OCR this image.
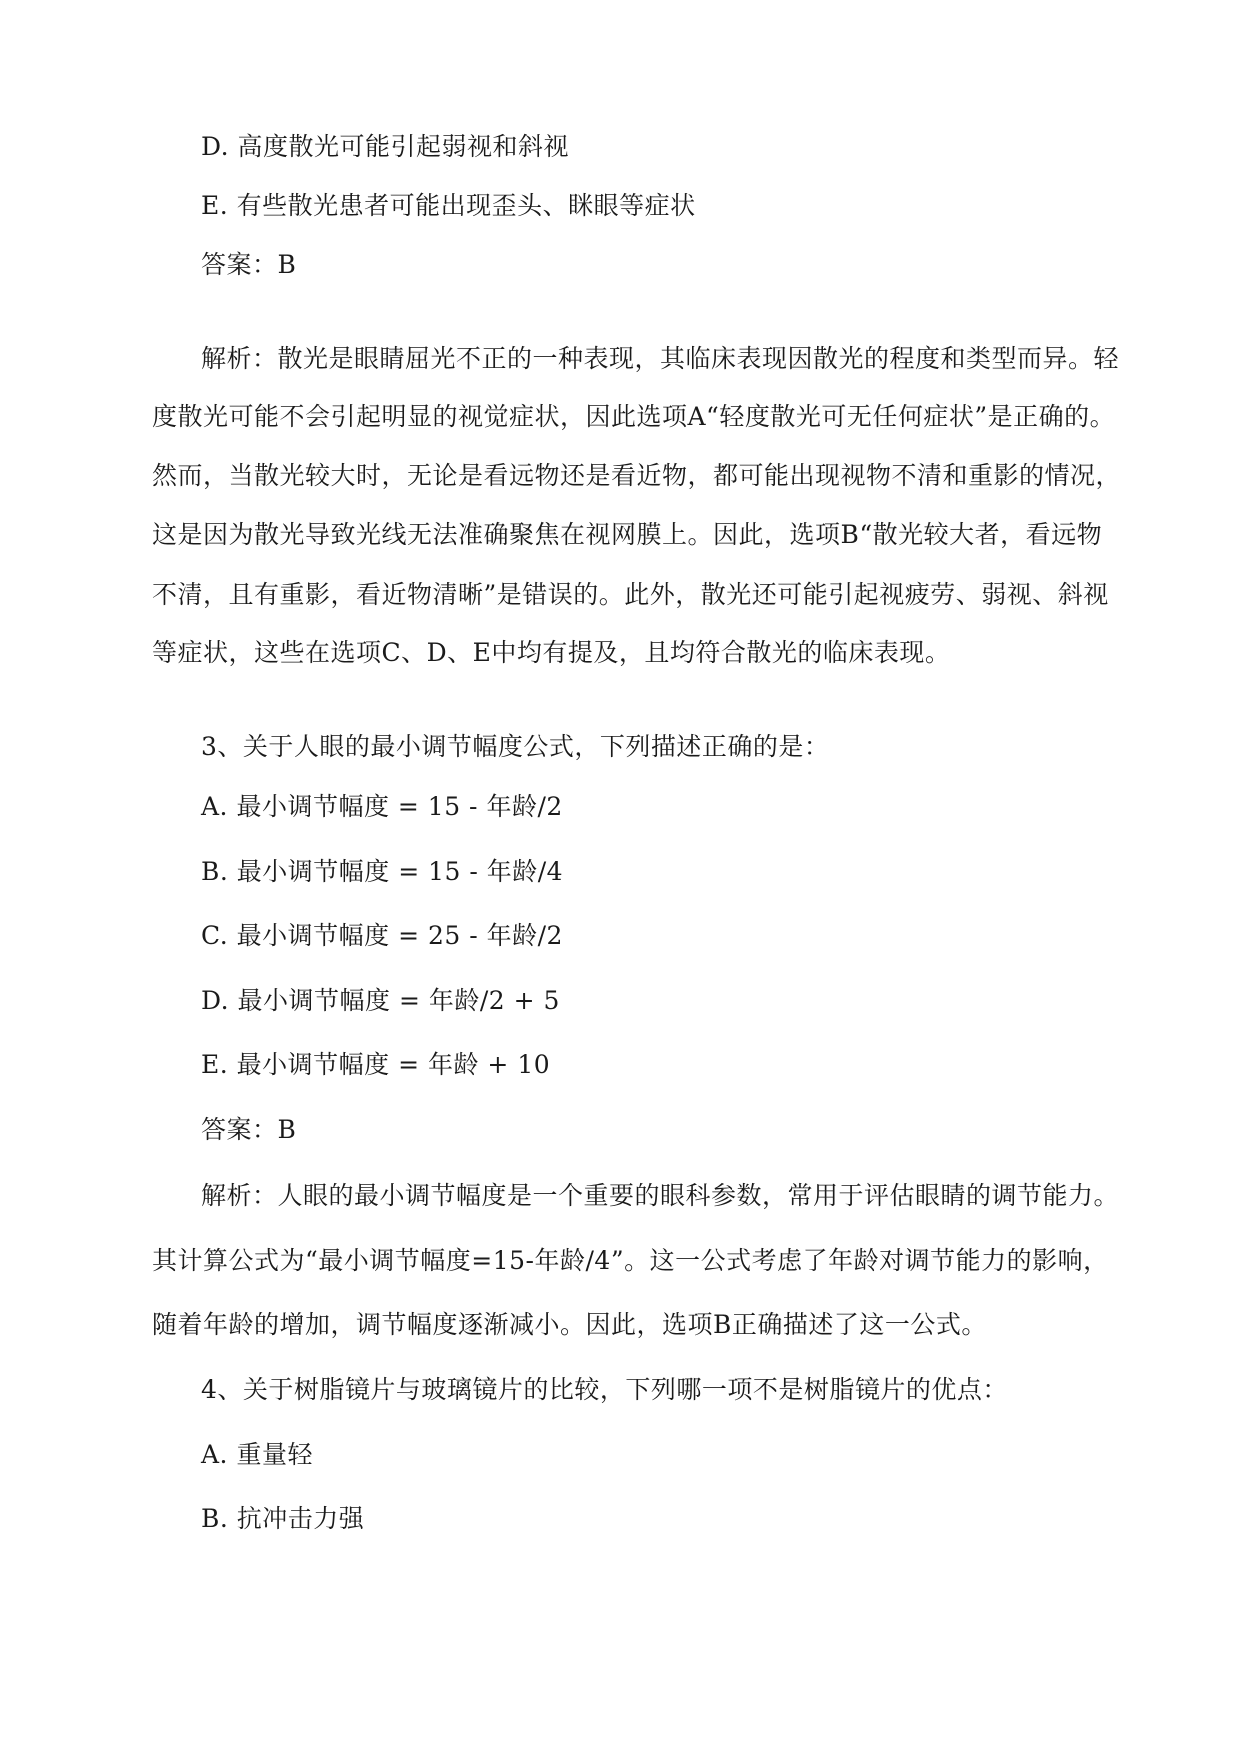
D. 高度散光可能引起弱视和斜视
E. 有些散光患者可能出现歪头、眯眼等症状
答案：B
解析：散光是眼睛屈光不正的一种表现，其临床表现因散光的程度和类型而异。轻
度散光可能不会引起明显的视觉症状，因此选项A“轻度散光可无任何症状”是正确的。
然而，当散光较大时，无论是看远物还是看近物，都可能出现视物不清和重影的情况，
这是因为散光导致光线无法准确聚焦在视网膜上。因此，选项B“散光较大者，看远物
不清，且有重影，看近物清晰”是错误的。此外，散光还可能引起视疲劳、弱视、斜视
等症状，这些在选项C、D、E中均有提及，且均符合散光的临床表现。
3、关于人眼的最小调节幅度公式，下列描述正确的是：
A. 最小调节幅度 = 15 - 年龄/2
B. 最小调节幅度 = 15 - 年龄/4
C. 最小调节幅度 = 25 - 年龄/2
D. 最小调节幅度 = 年龄/2 + 5
E. 最小调节幅度 = 年龄 + 10
答案：B
解析：人眼的最小调节幅度是一个重要的眼科参数，常用于评估眼睛的调节能力。
其计算公式为“最小调节幅度=15-年龄/4”。这一公式考虑了年龄对调节能力的影响，
随着年龄的增加，调节幅度逐渐减小。因此，选项B正确描述了这一公式。
4、关于树脂镜片与玻璃镜片的比较，下列哪一项不是树脂镜片的优点：
A. 重量轻
B. 抗冲击力强
